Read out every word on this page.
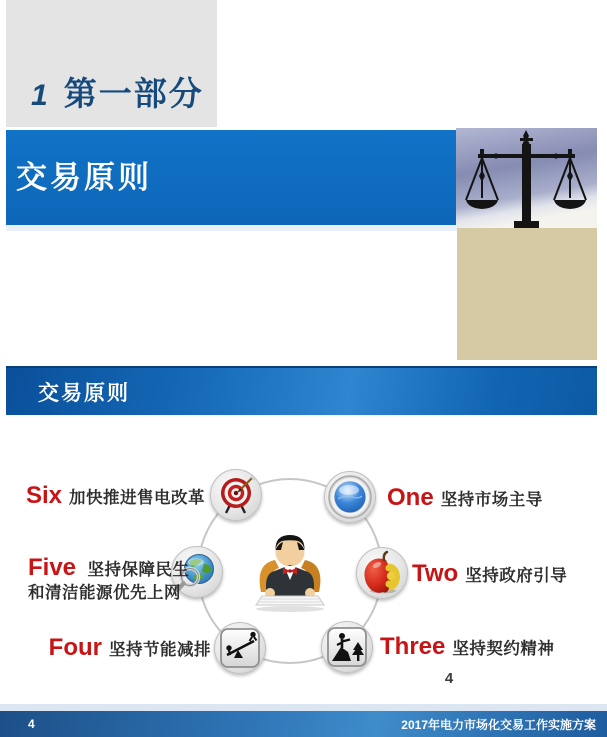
1 第一部分
交易原则
交易原则
Six 加快推进售电改革	One 坚持市场主导
Five 坚持保障民生
和清洁能源优先上网
Two 坚持政府引导
Four 坚持节能减排	Three 坚持契约精神
4
4	2017年电力市场化交易工作实施方案
